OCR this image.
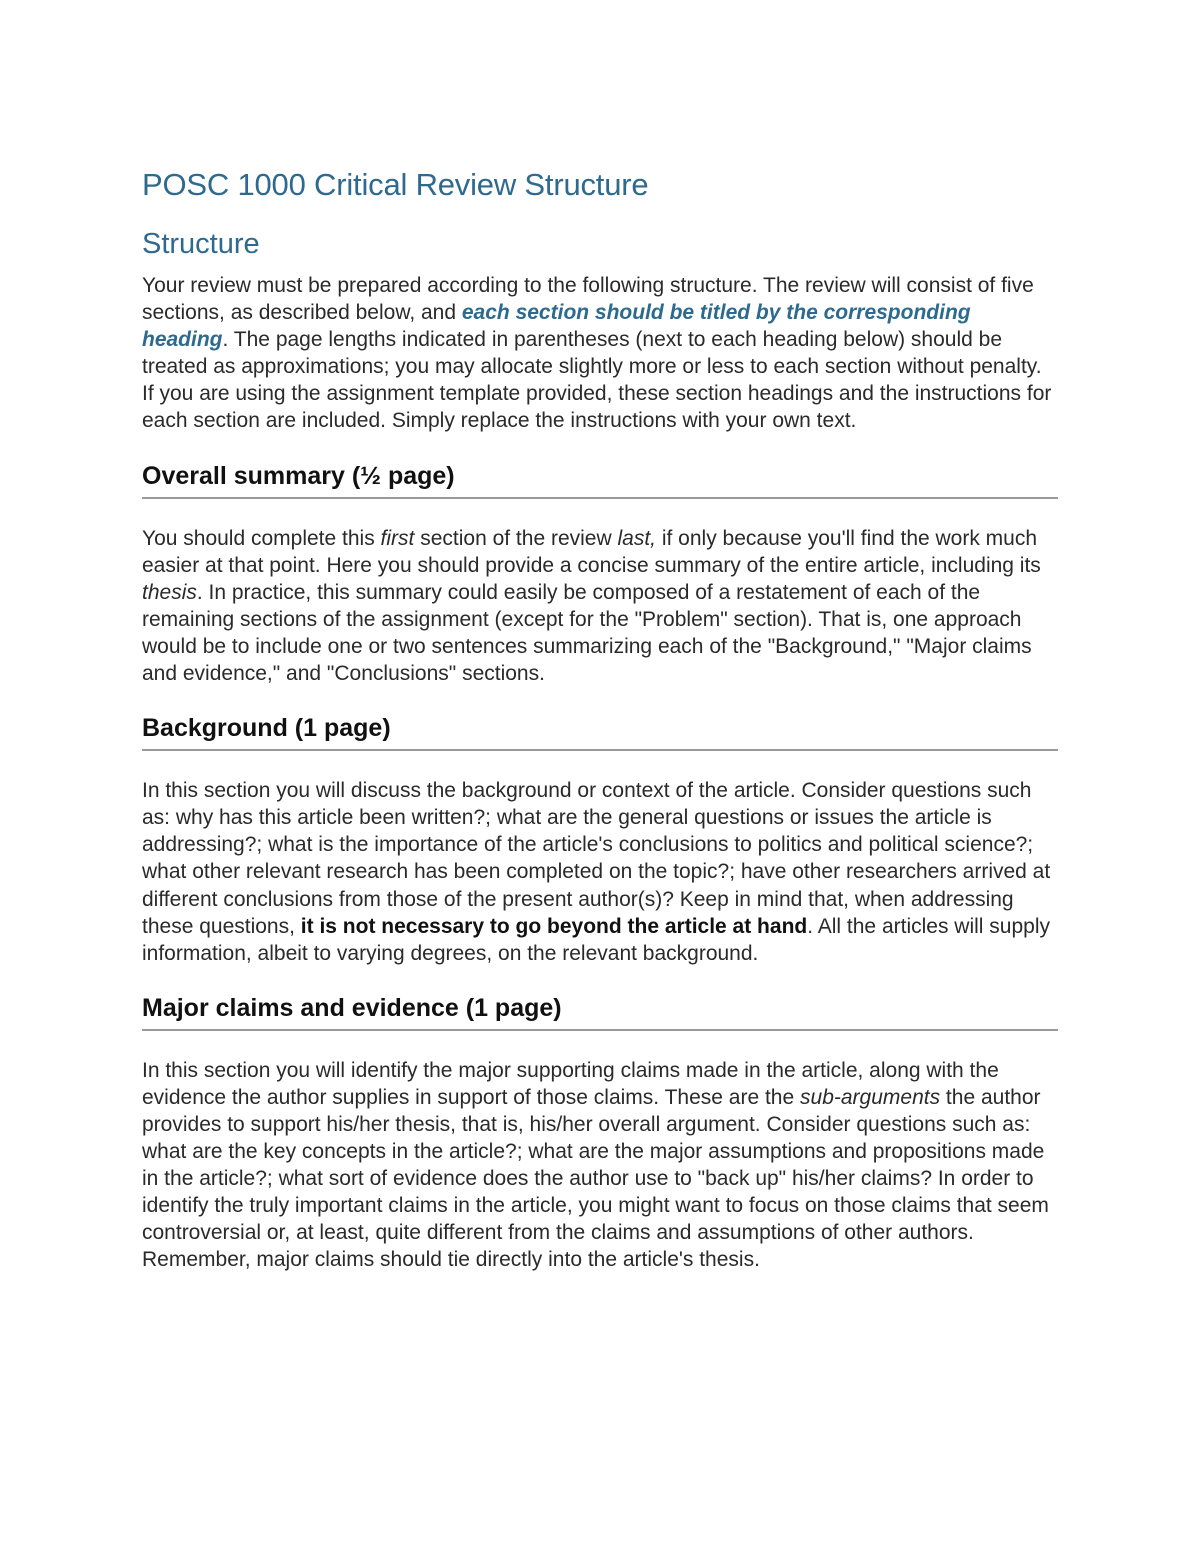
POSC 1000 Critical Review Structure
Structure

Your review must be prepared according to the following structure. The review will consist of five sections, as described below, and each section should be titled by the corresponding heading. The page lengths indicated in parentheses (next to each heading below) should be treated as approximations; you may allocate slightly more or less to each section without penalty. If you are using the assignment template provided, these section headings and the instructions for each section are included. Simply replace the instructions with your own text.

Overall summary (½ page)

You should complete this first section of the review last, if only because you'll find the work much easier at that point. Here you should provide a concise summary of the entire article, including its thesis. In practice, this summary could easily be composed of a restatement of each of the remaining sections of the assignment (except for the "Problem" section). That is, one approach would be to include one or two sentences summarizing each of the "Background," "Major claims and evidence," and "Conclusions" sections.

Background (1 page)

In this section you will discuss the background or context of the article. Consider questions such as: why has this article been written?; what are the general questions or issues the article is addressing?; what is the importance of the article's conclusions to politics and political science?; what other relevant research has been completed on the topic?; have other researchers arrived at different conclusions from those of the present author(s)? Keep in mind that, when addressing these questions, it is not necessary to go beyond the article at hand. All the articles will supply information, albeit to varying degrees, on the relevant background.

Major claims and evidence (1 page)

In this section you will identify the major supporting claims made in the article, along with the evidence the author supplies in support of those claims. These are the sub-arguments the author provides to support his/her thesis, that is, his/her overall argument. Consider questions such as: what are the key concepts in the article?; what are the major assumptions and propositions made in the article?; what sort of evidence does the author use to "back up" his/her claims? In order to identify the truly important claims in the article, you might want to focus on those claims that seem controversial or, at least, quite different from the claims and assumptions of other authors. Remember, major claims should tie directly into the article's thesis.
